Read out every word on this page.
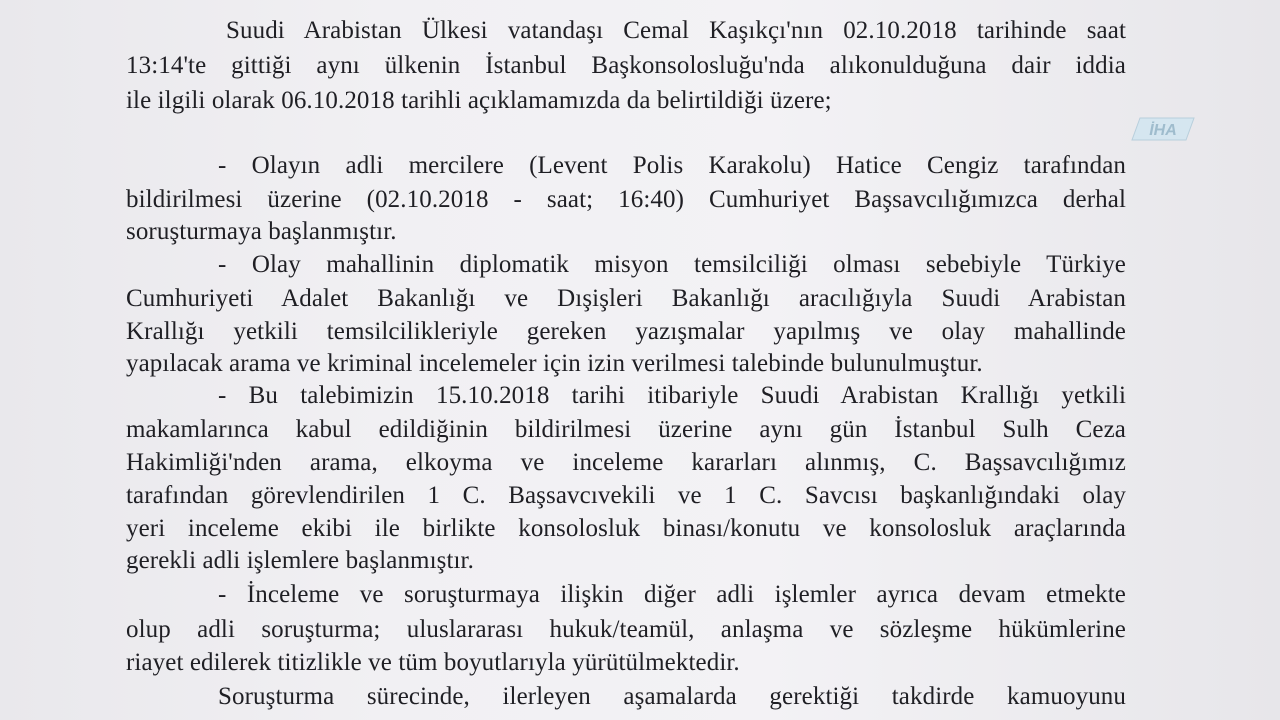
Suudi Arabistan Ülkesi vatandaşı Cemal Kaşıkçı'nın 02.10.2018 tarihinde saat
13:14'te gittiği aynı ülkenin İstanbul Başkonsolosluğu'nda alıkonulduğuna dair iddia
ile ilgili olarak 06.10.2018 tarihli açıklamamızda da belirtildiği üzere;
- Olayın adli mercilere (Levent Polis Karakolu) Hatice Cengiz tarafından
bildirilmesi üzerine (02.10.2018 - saat; 16:40) Cumhuriyet Başsavcılığımızca derhal
soruşturmaya başlanmıştır.
- Olay mahallinin diplomatik misyon temsilciliği olması sebebiyle Türkiye
Cumhuriyeti Adalet Bakanlığı ve Dışişleri Bakanlığı aracılığıyla Suudi Arabistan
Krallığı yetkili temsilcilikleriyle gereken yazışmalar yapılmış ve olay mahallinde
yapılacak arama ve kriminal incelemeler için izin verilmesi talebinde bulunulmuştur.
- Bu talebimizin 15.10.2018 tarihi itibariyle Suudi Arabistan Krallığı yetkili
makamlarınca kabul edildiğinin bildirilmesi üzerine aynı gün İstanbul Sulh Ceza
Hakimliği'nden arama, elkoyma ve inceleme kararları alınmış, C. Başsavcılığımız
tarafından görevlendirilen 1 C. Başsavcıvekili ve 1 C. Savcısı başkanlığındaki olay
yeri inceleme ekibi ile birlikte konsolosluk binası/konutu ve konsolosluk araçlarında
gerekli adli işlemlere başlanmıştır.
- İnceleme ve soruşturmaya ilişkin diğer adli işlemler ayrıca devam etmekte
olup adli soruşturma; uluslararası hukuk/teamül, anlaşma ve sözleşme hükümlerine
riayet edilerek titizlikle ve tüm boyutlarıyla yürütülmektedir.
Soruşturma sürecinde, ilerleyen aşamalarda gerektiği takdirde kamuoyunu
İHA
